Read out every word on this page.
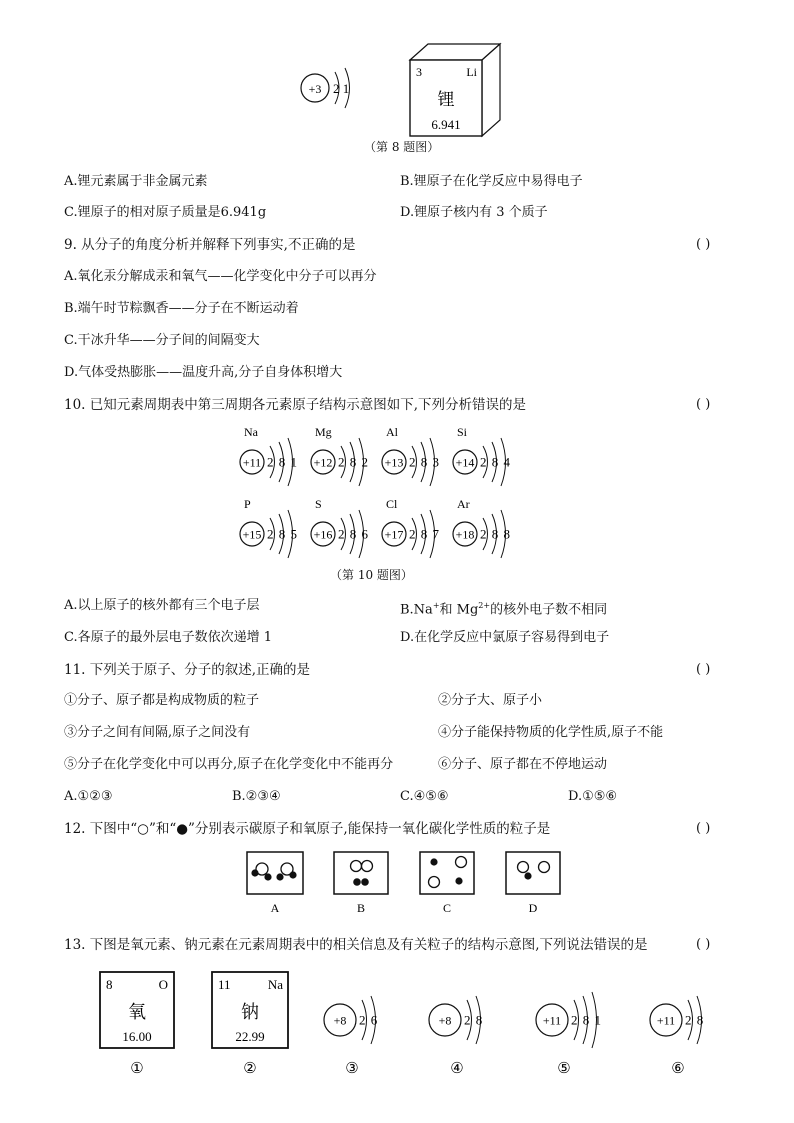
+3 2 1
3	Li
锂
6.941
（第 8 题图）
A.锂元素属于非金属元素	B.锂原子在化学反应中易得电子
C.锂原子的相对原子质量是6.941g	D.锂原子核内有 3 个质子
9. 从分子的角度分析并解释下列事实,不正确的是	( )
A.氧化汞分解成汞和氧气——化学变化中分子可以再分
B.端午时节粽飘香——分子在不断运动着
C.干冰升华——分子间的间隔变大
D.气体受热膨胀——温度升高,分子自身体积增大
10. 已知元素周期表中第三周期各元素原子结构示意图如下,下列分析错误的是	( )
Na
+11 2 8 1
Mg
+12 2 8 2
Al
+13 2 8 3
Si
+14 2 8 4
P
+15 2 8 5
S
+16 2 8 6
Cl
+17 2 8 7
Ar
+18 2 8 8
（第 10 题图）
A.以上原子的核外都有三个电子层	B.Na+和 $Mg^{2+}$的核外电子数不相同
C.各原子的最外层电子数依次递增 1	D.在化学反应中氯原子容易得到电子
11. 下列关于原子、分子的叙述,正确的是	( )
①分子、原子都是构成物质的粒子	②分子大、原子小
③分子之间有间隔,原子之间没有	④分子能保持物质的化学性质,原子不能
⑤分子在化学变化中可以再分,原子在化学变化中不能再分	⑥分子、原子都在不停地运动
A.①②③	B.②③④	C.④⑤⑥	D.①⑤⑥
12. 下图中“○”和“●”分别表示碳原子和氧原子,能保持一氧化碳化学性质的粒子是	( )
A	B	C	D
13. 下图是氧元素、钠元素在元素周期表中的相关信息及有关粒子的结构示意图,下列说法错误的是	( )
8	O
氧
16.00
①
11	Na
钠
22.99
②
+8 2 6
③
+8 2 8
④
+11 2 8 1
⑤
+11 2 8
⑥
